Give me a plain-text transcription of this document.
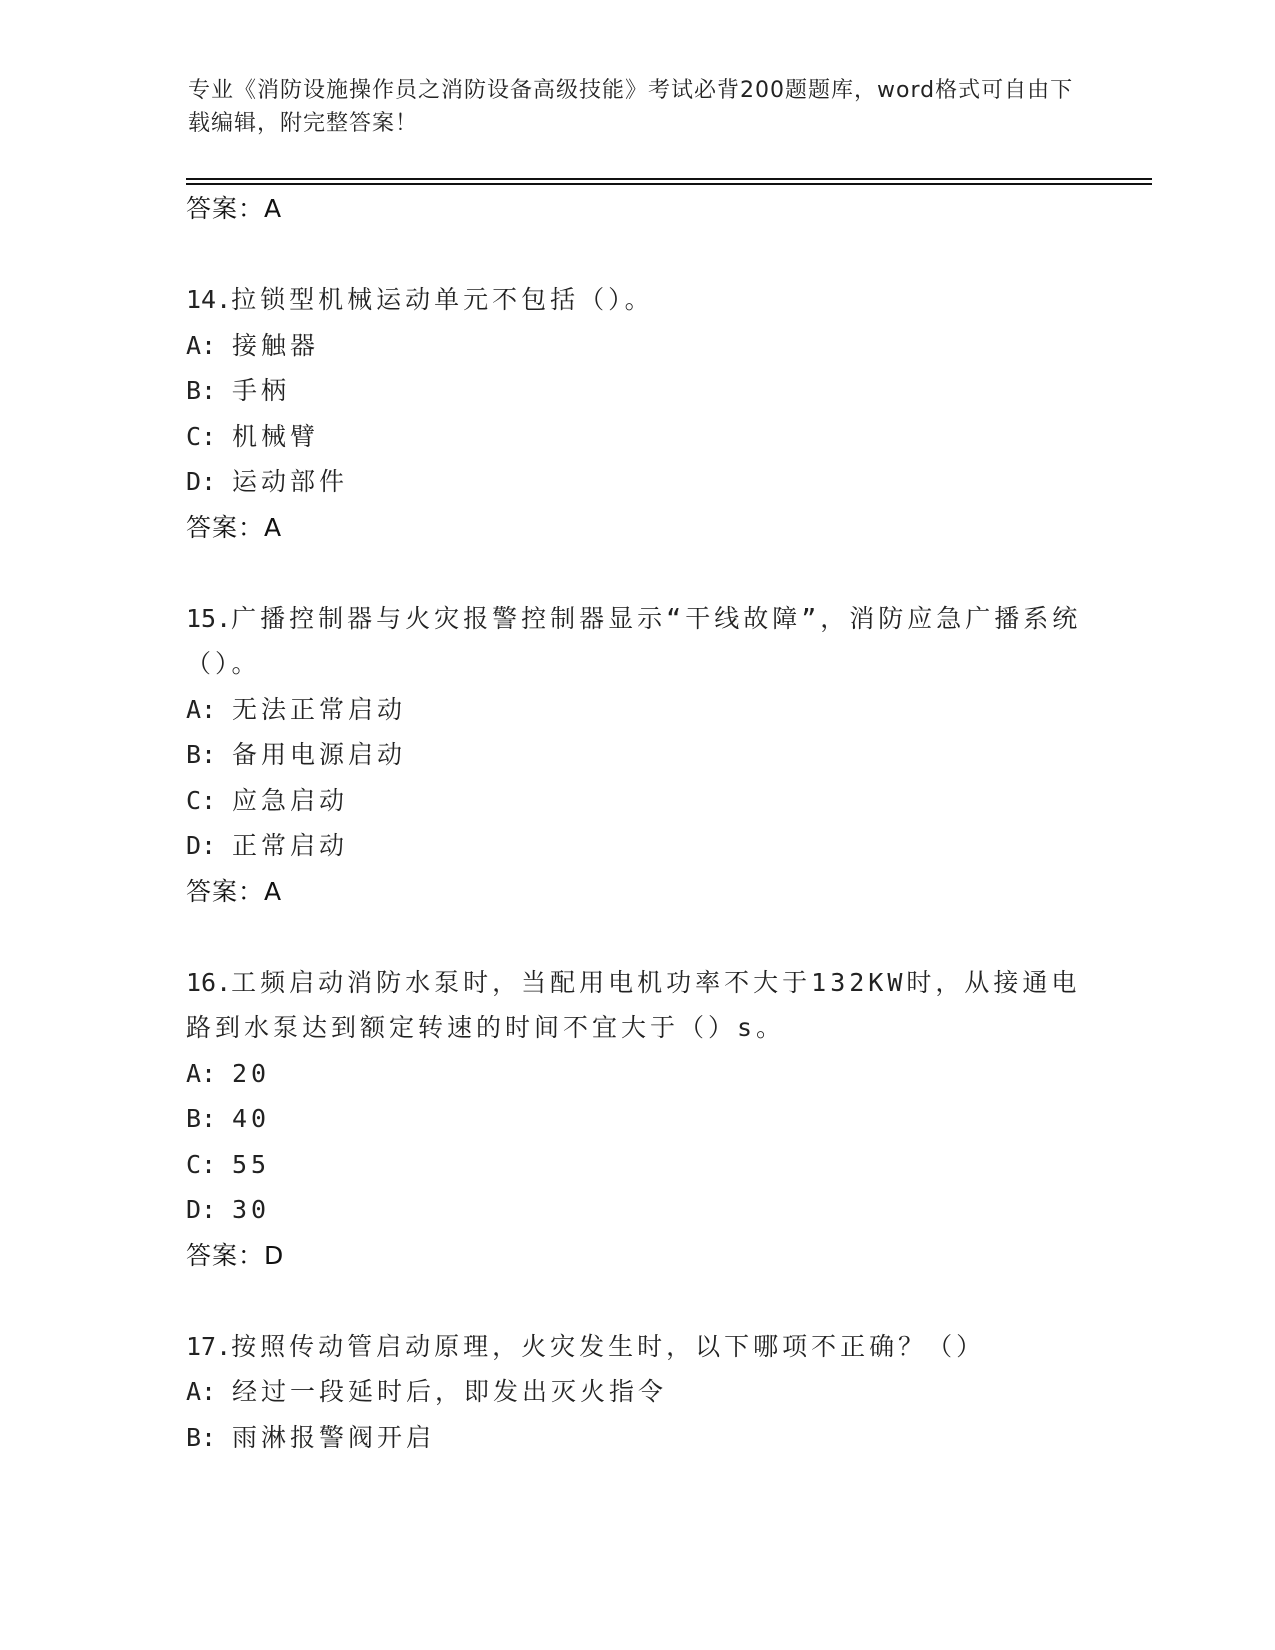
专业《消防设施操作员之消防设备高级技能》考试必背200题题库，word格式可自由下载编辑，附完整答案！
答案：A
14.拉锁型机械运动单元不包括（）。
A: 接触器
B: 手柄
C: 机械臂
D: 运动部件
答案：A
15.广播控制器与火灾报警控制器显示“干线故障”，消防应急广播系统（）。
A: 无法正常启动
B: 备用电源启动
C: 应急启动
D: 正常启动
答案：A
16.工频启动消防水泵时，当配用电机功率不大于132KW时，从接通电路到水泵达到额定转速的时间不宜大于（）s。
A: 20
B: 40
C: 55
D: 30
答案：D
17.按照传动管启动原理，火灾发生时，以下哪项不正确？（）
A: 经过一段延时后，即发出灭火指令
B: 雨淋报警阀开启
